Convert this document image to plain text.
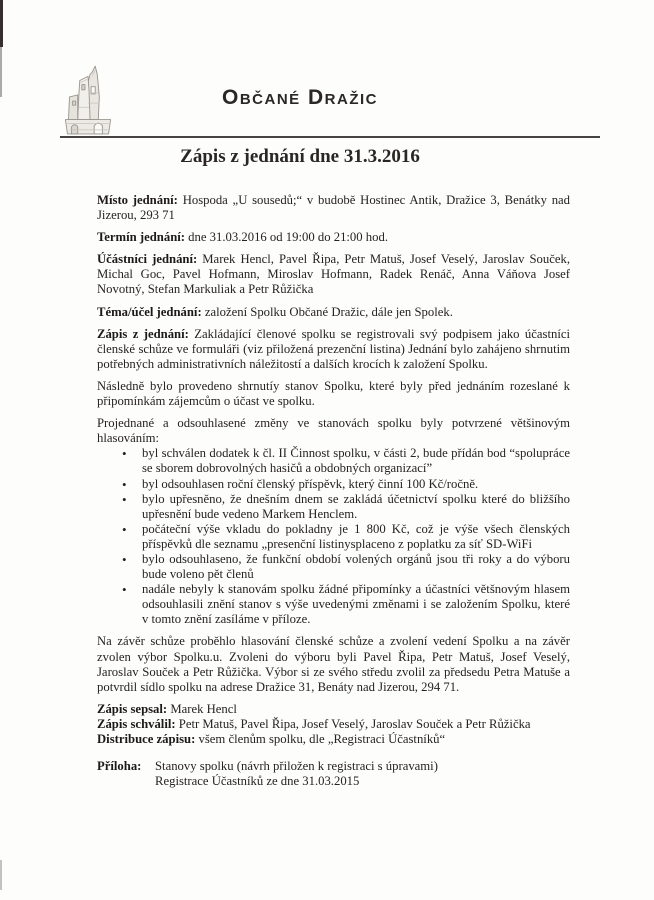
Občané Dražic
Zápis z jednání dne 31.3.2016

Místo jednání: Hospoda „U sousedů;“ v budobě Hostinec Antik, Dražice 3, Benátky nad Jizerou, 293 71

Termín jednání: dne 31.03.2016 od 19:00 do 21:00 hod.

Účástníci jednání: Marek Hencl, Pavel Řipa, Petr Matuš, Josef Veselý, Jaroslav Souček, Michal Goc, Pavel Hofmann, Miroslav Hofmann, Radek Renáč, Anna Váňova Josef Novotný, Stefan Markuliak a Petr Růžička

Téma/účel jednání: založení Spolku Občané Dražic, dále jen Spolek.

Zápis z jednání: Zakládající členové spolku se registrovali svý podpisem jako účastníci členské schůze ve formuláři (viz přiložená prezenční listina) Jednání bylo zahájeno shrnutim potřebných administrativních náležitostí a dalších krocích k založení Spolku.

Následně bylo provedeno shrnutíy stanov Spolku, které byly před jednáním rozeslané k připomínkám zájemcům o účast ve spolku.

Projednané a odsouhlasené změny ve stanovách spolku byly potvrzené většinovým hlasováním:

• byl schválen dodatek k čl. II Činnost spolku, v části 2, bude přídán bod “spolupráce se sborem dobrovolných hasičů a obdobných organizací”
• byl odsouhlasen roční členský příspěvk, který činní 100 Kč/ročně.
• bylo upřesněno, že dnešním dnem se zakládá účetnictví spolku které do bližšího upřesnění bude vedeno Markem Henclem.
• počáteční výše vkladu do pokladny je 1 800 Kč, což je výše všech členských příspěvků dle seznamu „presenční listinysplaceno z poplatku za síť SD-WiFi
• bylo odsouhlaseno, že funkční období volených orgánů jsou tři roky a do výboru bude voleno pět členů
• nadále nebyly k stanovám spolku žádné připomínky a účastníci většnovým hlasem odsouhlasili znění stanov s výše uvedenými změnami i se založením Spolku, které v tomto znění zasíláme v příloze.

Na závěr schůze proběhlo hlasování členské schůze a zvolení vedení Spolku a na závěr zvolen výbor Spolku.u. Zvoleni do výboru byli Pavel Řipa, Petr Matuš, Josef Veselý, Jaroslav Souček a Petr Růžička. Výbor si ze svého středu zvolil za předsedu Petra Matuše a potvrdil sídlo spolku na adrese Dražice 31, Benáty nad Jizerou, 294 71.

Zápis sepsal: Marek Hencl

Zápis schválil: Petr Matuš, Pavel Řipa, Josef Veselý, Jaroslav Souček a Petr Růžička

Distribuce zápisu: všem členům spolku, dle „Registraci Účastníků“

Příloha:	Stanovy spolku (návrh přiložen k registraci s úpravami)
Registrace Účastníků ze dne 31.03.2015
